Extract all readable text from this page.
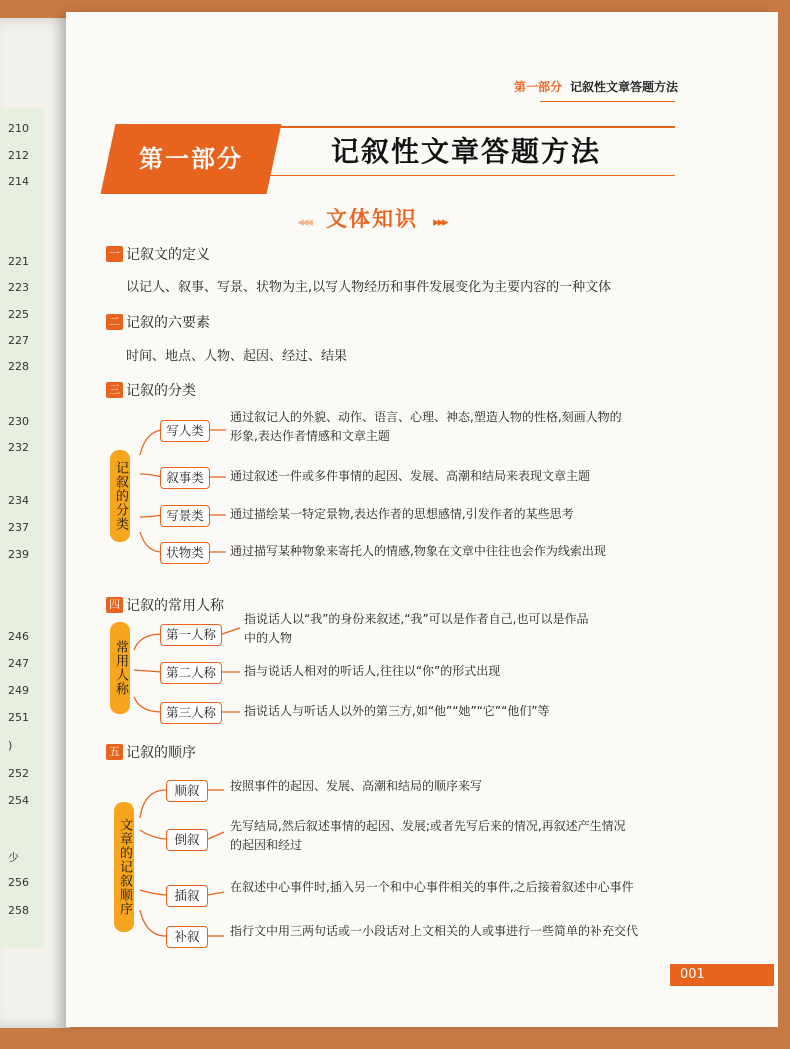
210
212
214
221
223
225
227
228
230
232
234
237
239
246
247
249
251
)
252
254
少
256
258
第一部分 记叙性文章答题方法
第一部分	记叙性文章答题方法
◂◂◂ 文体知识 ▸▸▸
一 记叙文的定义
以记人、叙事、写景、状物为主,以写人物经历和事件发展变化为主要内容的一种文体
二 记叙的六要素
时间、地点、人物、起因、经过、结果
三 记叙的分类
记叙的分类
写人类
通过叙记人的外貌、动作、语言、心理、神态,塑造人物的性格,刻画人物的
形象,表达作者情感和文章主题
叙事类	通过叙述一件或多件事情的起因、发展、高潮和结局来表现文章主题
写景类	通过描绘某一特定景物,表达作者的思想感情,引发作者的某些思考
状物类	通过描写某种物象来寄托人的情感,物象在文章中往往也会作为线索出现
四 记叙的常用人称
常用人称
第一人称
指说话人以“我”的身份来叙述,“我”可以是作者自己,也可以是作品
中的人物
第二人称	指与说话人相对的听话人,往往以“你”的形式出现
第三人称	指说话人与听话人以外的第三方,如“他”“她”“它”“他们”等
五 记叙的顺序
文章的记叙顺序
顺叙	按照事件的起因、发展、高潮和结局的顺序来写
倒叙
先写结局,然后叙述事情的起因、发展;或者先写后来的情况,再叙述产生情况
的起因和经过
插叙
在叙述中心事件时,插入另一个和中心事件相关的事件,之后接着叙述中心事件
补叙	指行文中用三两句话或一小段话对上文相关的人或事进行一些简单的补充交代
001
